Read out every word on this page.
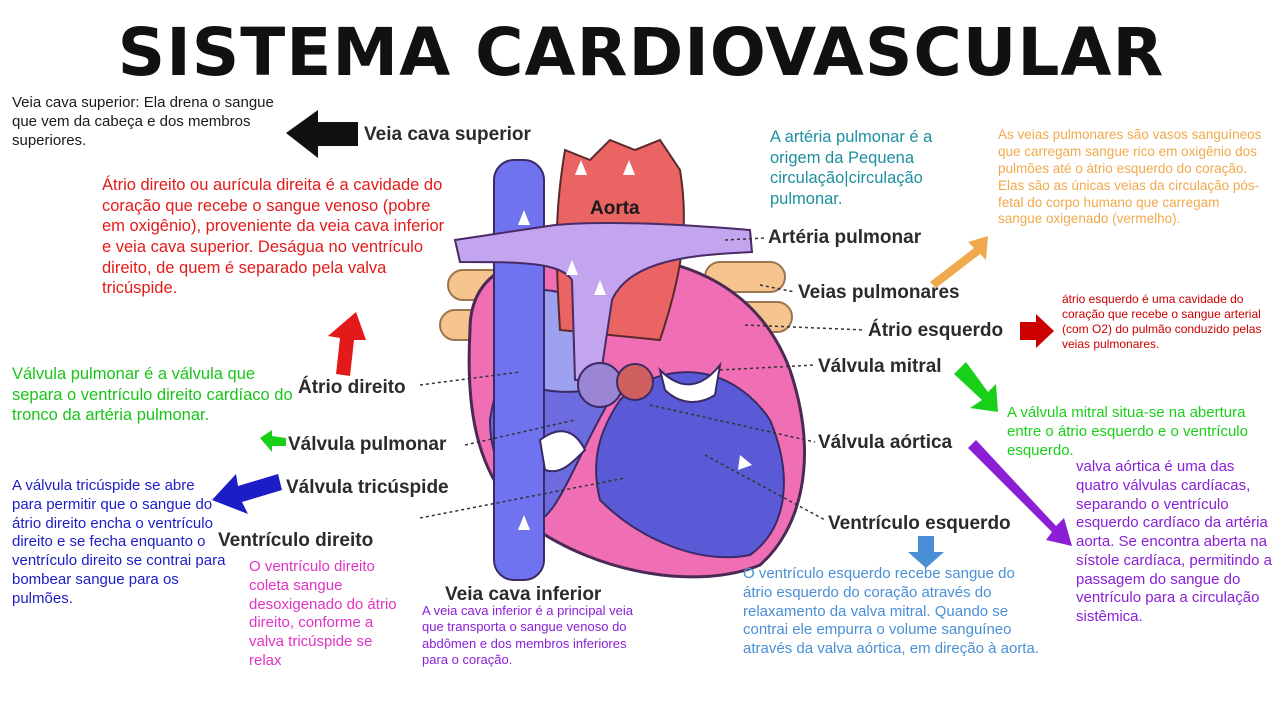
SISTEMA CARDIOVASCULAR
Veia cava superior
Aorta
Artéria pulmonar
Veias pulmonares
Átrio esquerdo
Válvula mitral
Átrio direito
Válvula pulmonar	Válvula aórtica
Válvula tricúspide
Ventrículo esquerdo
Ventrículo direito
Veia cava inferior
Veia cava superior: Ela drena o sangue que vem da cabeça e dos membros superiores.
Átrio direito ou aurícula direita é a cavidade do coração que recebe o sangue venoso (pobre em oxigênio), proveniente da veia cava inferior e veia cava superior. Deságua no ventrículo direito, de quem é separado pela valva tricúspide.
Válvula pulmonar é a válvula que separa o ventrículo direito cardíaco do tronco da artéria pulmonar.
A válvula tricúspide se abre para permitir que o sangue do átrio direito encha o ventrículo direito e se fecha enquanto o ventrículo direito se contrai para bombear sangue para os pulmões.
O ventrículo direito coleta sangue desoxigenado do átrio direito, conforme a valva tricúspide se relax
A veia cava inferior é a principal veia que transporta o sangue venoso do abdômen e dos membros inferiores para o coração.
A artéria pulmonar é a origem da Pequena circulação|circulação pulmonar.
As veias pulmonares são vasos sanguíneos que carregam sangue rico em oxigênio dos pulmões até o átrio esquerdo do coração. Elas são as únicas veias da circulação pós-fetal do corpo humano que carregam sangue oxigenado (vermelho).
átrio esquerdo é uma cavidade do coração que recebe o sangue arterial (com O2) do pulmão conduzido pelas veias pulmonares.
A válvula mitral situa-se na abertura entre o átrio esquerdo e o ventrículo esquerdo.
valva aórtica é uma das quatro válvulas cardíacas, separando o ventrículo esquerdo cardíaco da artéria aorta. Se encontra aberta na sístole cardíaca, permitindo a passagem do sangue do ventrículo para a circulação sistêmica.
O ventrículo esquerdo recebe sangue do átrio esquerdo do coração através do relaxamento da valva mitral. Quando se contrai ele empurra o volume sanguíneo através da valva aórtica, em direção à aorta.
